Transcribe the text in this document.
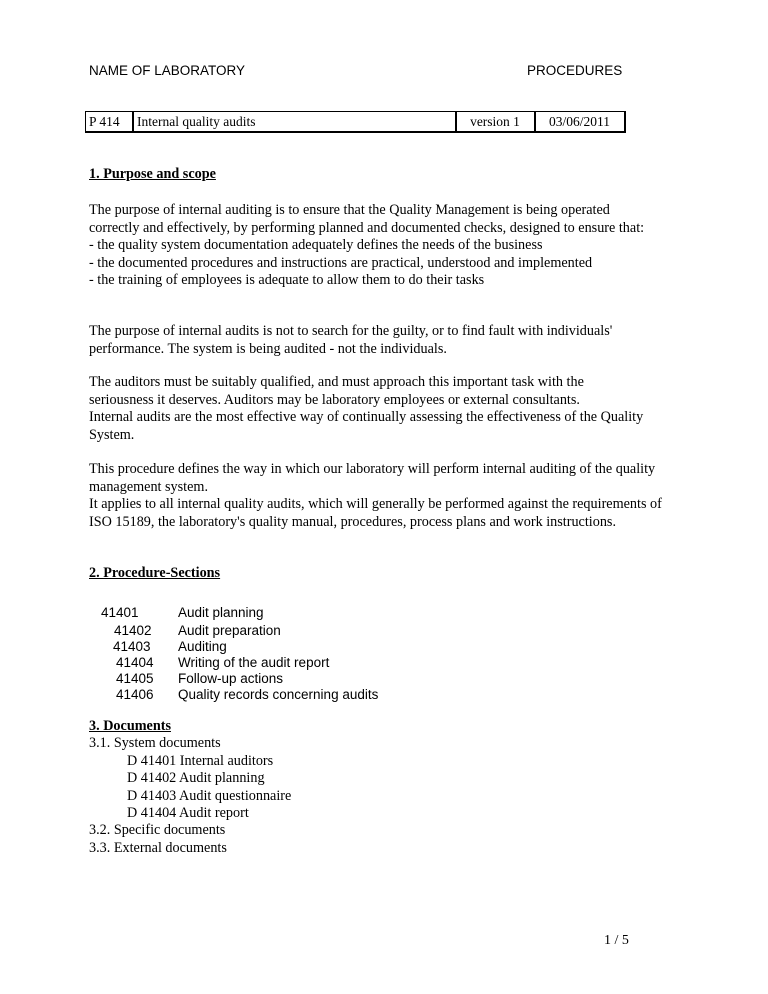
NAME OF LABORATORY	PROCEDURES
P 414	Internal quality audits	version 1	03/06/2011
1. Purpose and scope

The purpose of internal auditing is to ensure that the Quality Management is being operated correctly and effectively, by performing planned and documented checks, designed to ensure that:

- the quality system documentation adequately defines the needs of the business

- the documented procedures and instructions are practical, understood and implemented

- the training of employees is adequate to allow them to do their tasks

The purpose of internal audits is not to search for the guilty, or to find fault with individuals' performance. The system is being audited - not the individuals.

The auditors must be suitably qualified, and must approach this important task with the seriousness it deserves. Auditors may be laboratory employees or external consultants.

Internal audits are the most effective way of continually assessing the effectiveness of the Quality System.

This procedure defines the way in which our laboratory will perform internal auditing of the quality management system.

It applies to all internal quality audits, which will generally be performed against the requirements of ISO 15189, the laboratory's quality manual, procedures, process plans and work instructions.

2. Procedure-Sections
41401	Audit planning
41402 Audit preparation
41403 Auditing
41404 Writing of the audit report
41405 Follow-up actions
41406 Quality records concerning audits
3. Documents
3.1. System documents
D 41401 Internal auditors
D 41402 Audit planning
D 41403 Audit questionnaire
D 41404 Audit report
3.2. Specific documents
3.3. External documents
1 / 5
